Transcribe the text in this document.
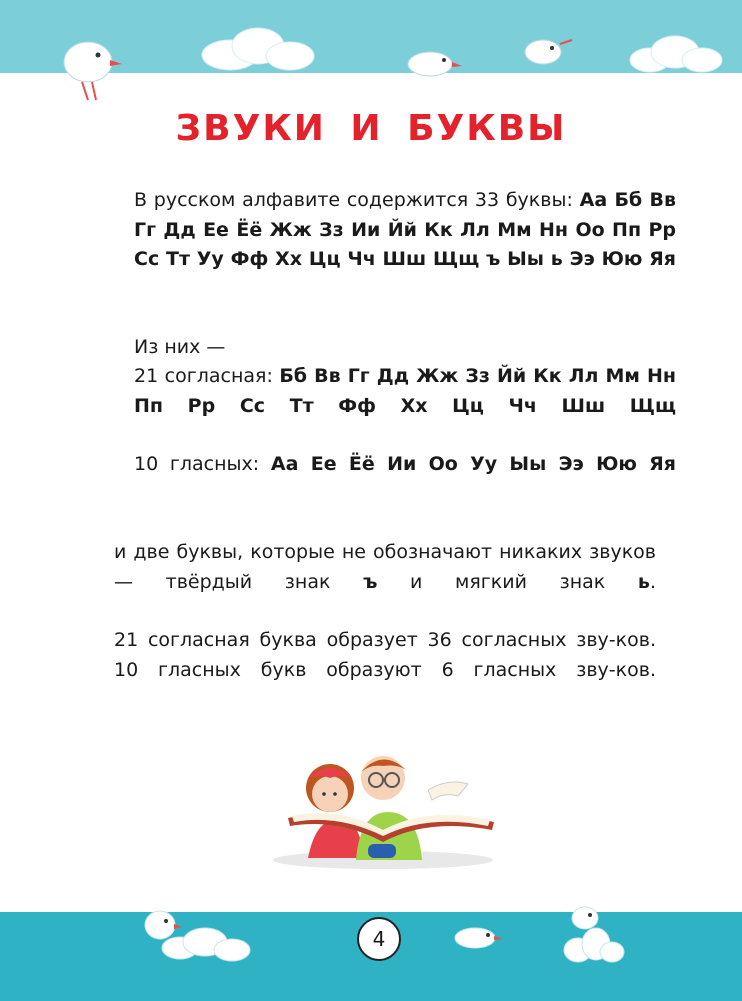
ЗВУКИ И БУКВЫ

В русском алфавите содержится 33 буквы: Аа Бб Вв Гг Дд Ее Ёё Жж Зз Ии Йй Кк Лл Мм Нн Оо Пп Рр Сс Тт Уу Фф Хх Цц Чч Шш Щщ ъ Ыы ь Ээ Юю Яя

Из них —

21 согласная: Бб Вв Гг Дд Жж Зз Йй Кк Лл Мм Нн Пп Рр Сс Тт Фф Хх Цц Чч Шш Щщ

10 гласных: Аа Ее Ёё Ии Оо Уу Ыы Ээ Юю Яя

и две буквы, которые не обозначают никаких звуков — твёрдый знак ъ и мягкий знак ь.

21 согласная буква образует 36 согласных зву-ков. 10 гласных букв образуют 6 гласных зву-ков.

4
